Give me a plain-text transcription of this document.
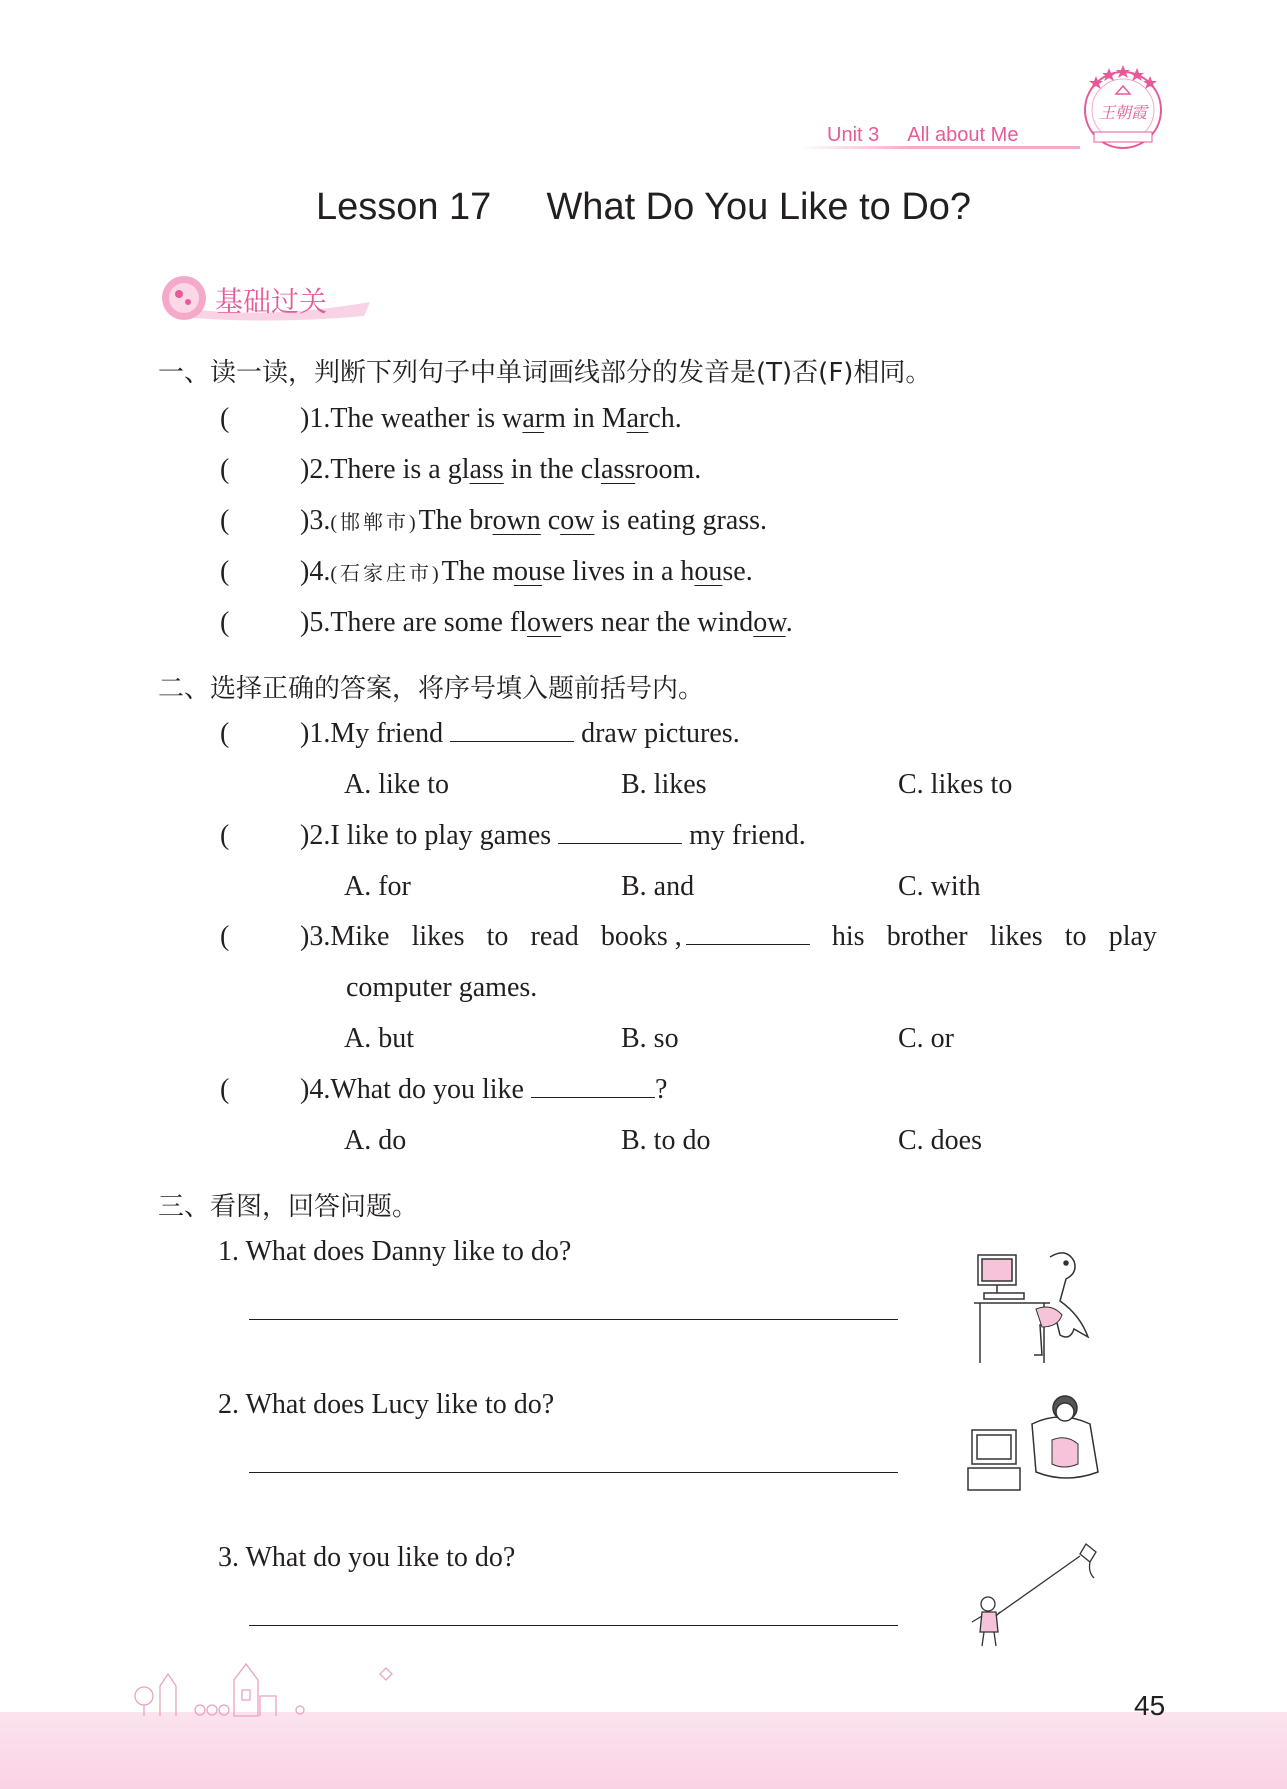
Unit 3 All about Me
王朝霞
Lesson 17 What Do You Like to Do?
基础过关
一、读一读，判断下列句子中单词画线部分的发音是(T)否(F)相同。
(	)1.The weather is warm in March.
(	)2.There is a glass in the classroom.
(	)3.(邯郸市)The brown cow is eating grass.
(	)4.(石家庄市)The mouse lives in a house.
(	)5.There are some flowers near the window.
二、选择正确的答案，将序号填入题前括号内。
(	)1.My friend	draw pictures.
A. like to	B. likes	C. likes to
(	)2.I like to play games	my friend.
A. for	B. and	C. with
(	)3.Mike likes to read books ,	his brother likes to play
computer games.
A. but	B. so	C. or
(	)4.What do you like	?
A. do	B. to do	C. does
三、看图，回答问题。
1. What does Danny like to do?
2. What does Lucy like to do?
3. What do you like to do?
45
